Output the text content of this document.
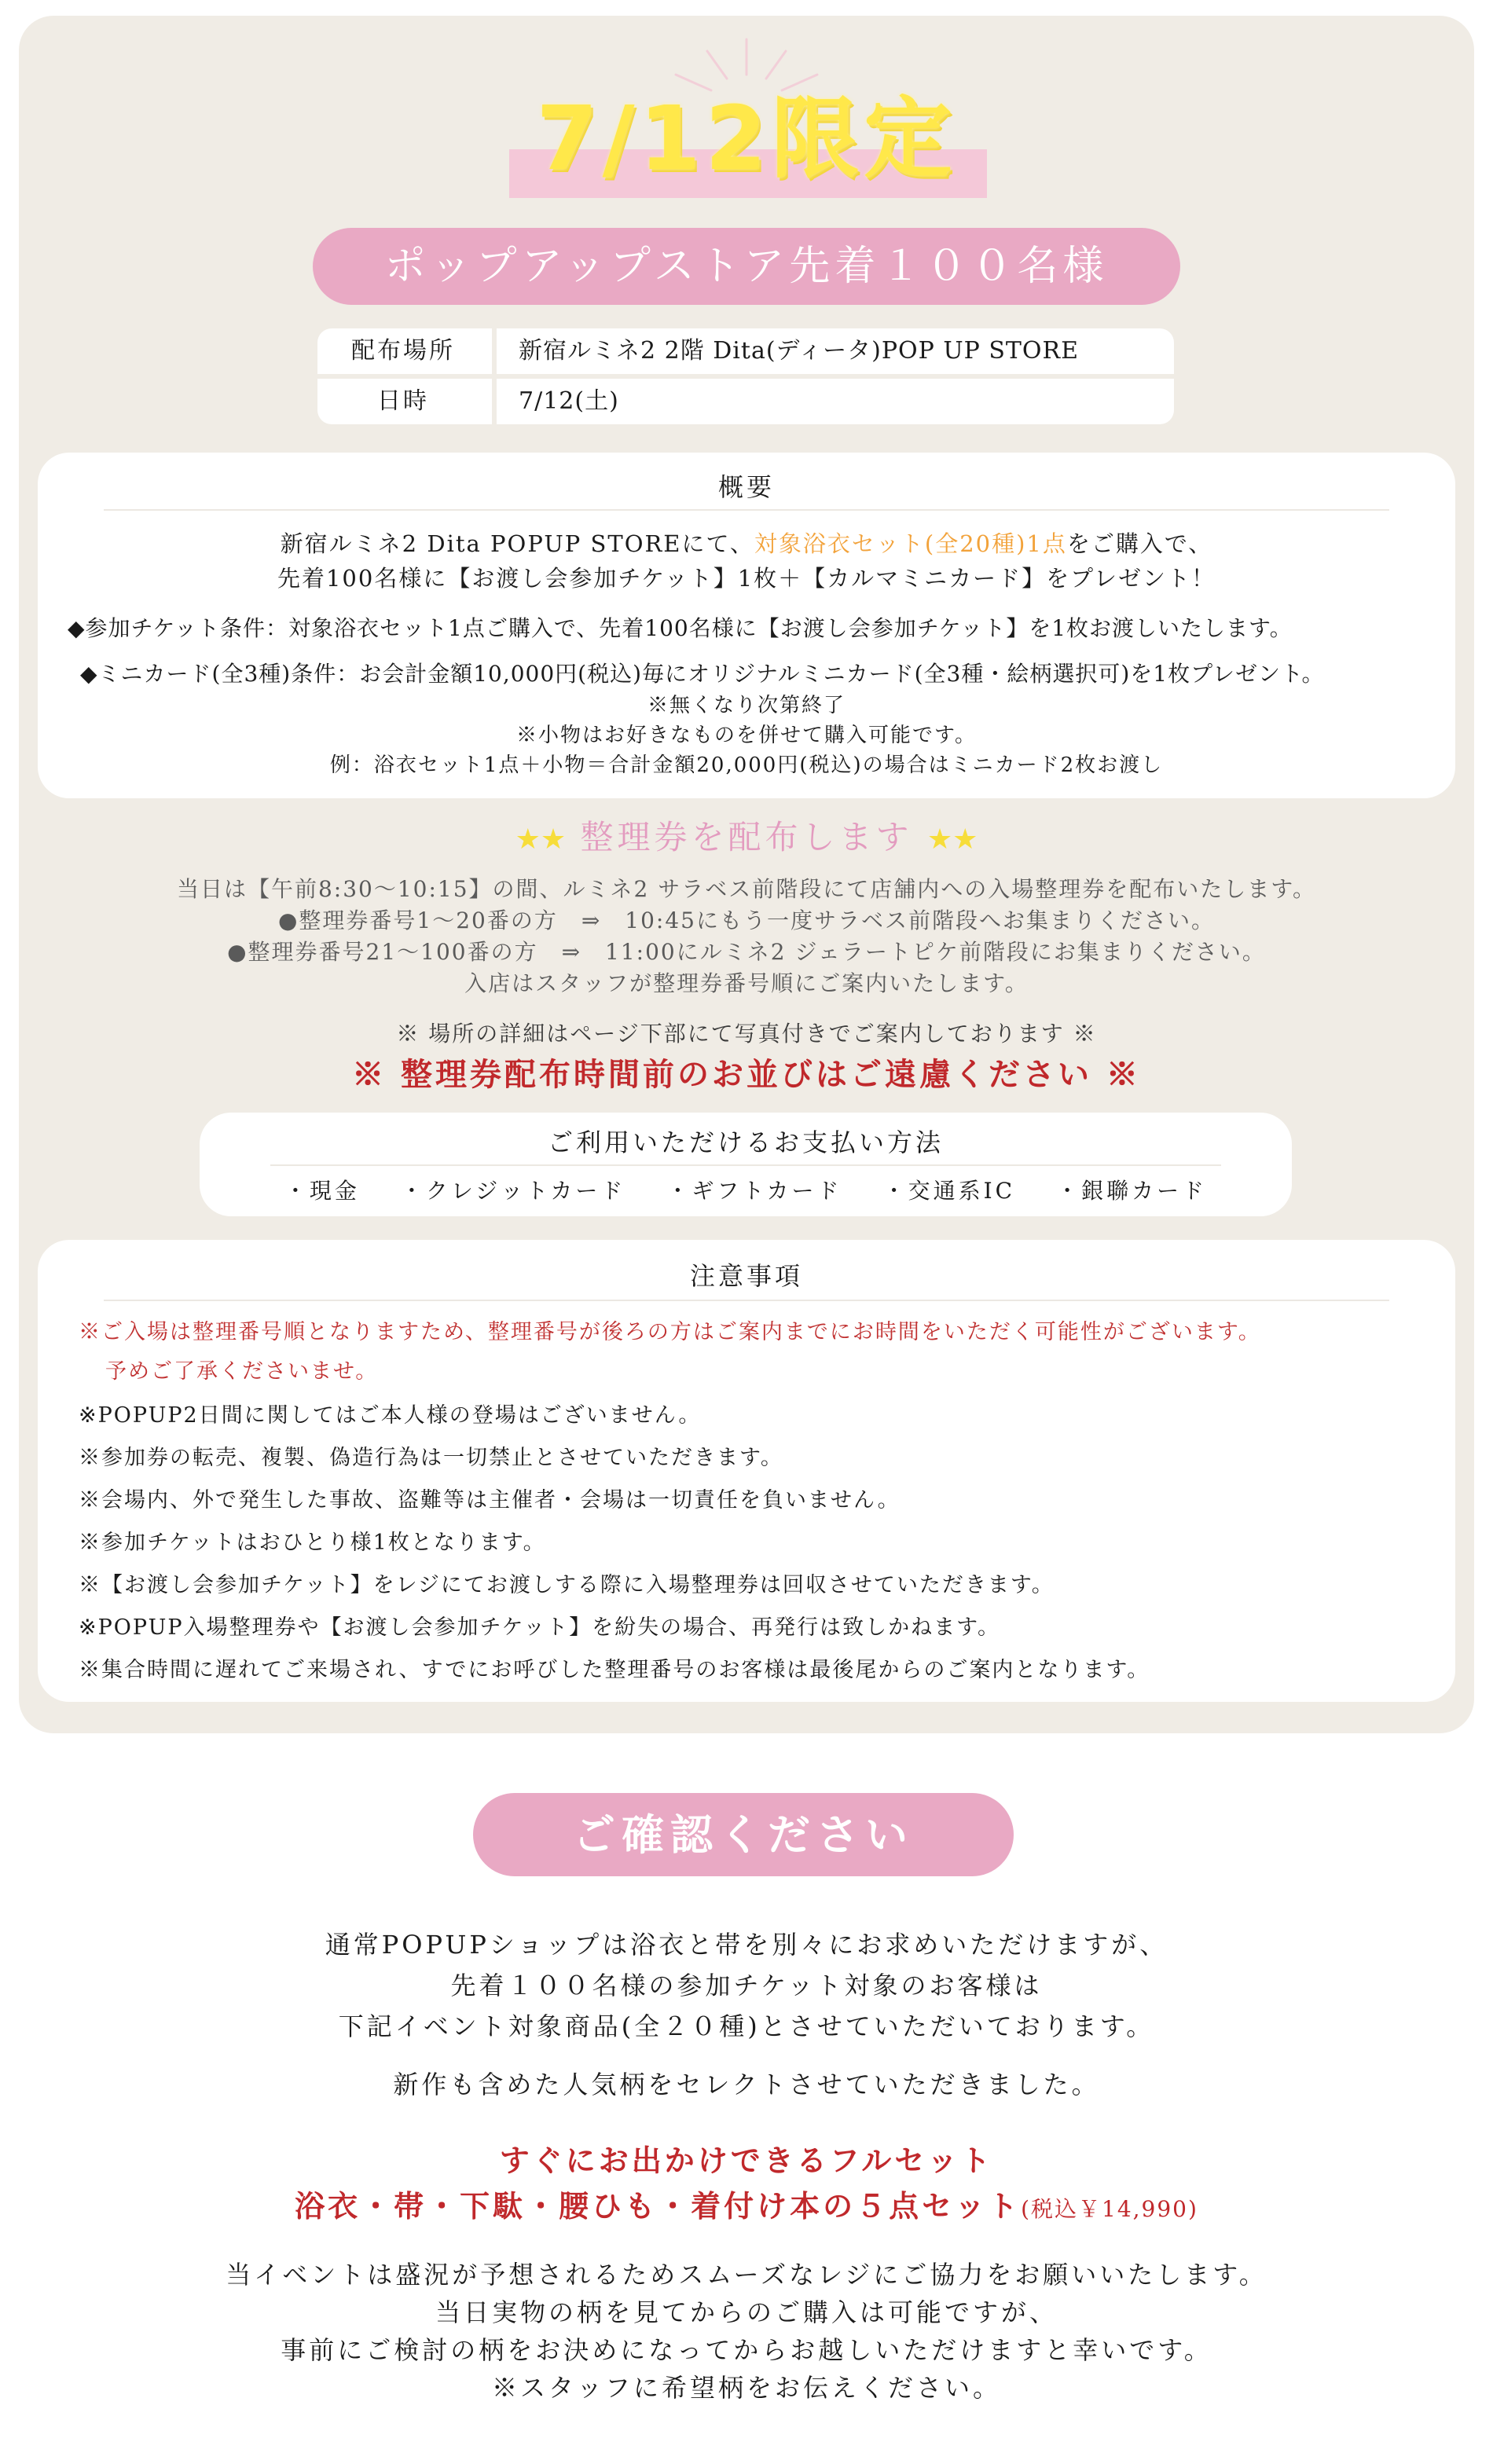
7/12限定
ポップアップストア先着１００名様
配布場所	新宿ルミネ2 2階 Dita(ディータ)POP UP STORE
日時	7/12(土)
概要
新宿ルミネ2 Dita POPUP STOREにて、対象浴衣セット(全20種)1点をご購入で、
先着100名様に【お渡し会参加チケット】1枚＋【カルマミニカード】をプレゼント！
◆参加チケット条件：対象浴衣セット1点ご購入で、先着100名様に【お渡し会参加チケット】を1枚お渡しいたします。
◆ミニカード(全3種)条件：お会計金額10,000円(税込)毎にオリジナルミニカード(全3種・絵柄選択可)を1枚プレゼント。
※無くなり次第終了
※小物はお好きなものを併せて購入可能です。
例：浴衣セット1点＋小物＝合計金額20,000円(税込)の場合はミニカード2枚お渡し
★★ 整理券を配布します ★★
当日は【午前8:30～10:15】の間、ルミネ2 サラベス前階段にて店舗内への入場整理券を配布いたします。
●整理券番号1～20番の方　⇒　10:45にもう一度サラベス前階段へお集まりください。
●整理券番号21～100番の方　⇒　11:00にルミネ2 ジェラートピケ前階段にお集まりください。
入店はスタッフが整理券番号順にご案内いたします。
※ 場所の詳細はページ下部にて写真付きでご案内しております ※
※ 整理券配布時間前のお並びはご遠慮ください ※
ご利用いただけるお支払い方法
・現金 ・クレジットカード ・ギフトカード ・交通系IC ・銀聯カード
注意事項
※ご入場は整理番号順となりますため、整理番号が後ろの方はご案内までにお時間をいただく可能性がございます。
予めご了承くださいませ。
※POPUP2日間に関してはご本人様の登場はございません。
※参加券の転売、複製、偽造行為は一切禁止とさせていただきます。
※会場内、外で発生した事故、盗難等は主催者・会場は一切責任を負いません。
※参加チケットはおひとり様1枚となります。
※【お渡し会参加チケット】をレジにてお渡しする際に入場整理券は回収させていただきます。
※POPUP入場整理券や【お渡し会参加チケット】を紛失の場合、再発行は致しかねます。
※集合時間に遅れてご来場され、すでにお呼びした整理番号のお客様は最後尾からのご案内となります。
ご確認ください
通常POPUPショップは浴衣と帯を別々にお求めいただけますが、
先着１００名様の参加チケット対象のお客様は
下記イベント対象商品(全２０種)とさせていただいております。
新作も含めた人気柄をセレクトさせていただきました。
すぐにお出かけできるフルセット
浴衣・帯・下駄・腰ひも・着付け本の５点セット(税込￥14,990)
当イベントは盛況が予想されるためスムーズなレジにご協力をお願いいたします。
当日実物の柄を見てからのご購入は可能ですが、
事前にご検討の柄をお決めになってからお越しいただけますと幸いです。
※スタッフに希望柄をお伝えください。
